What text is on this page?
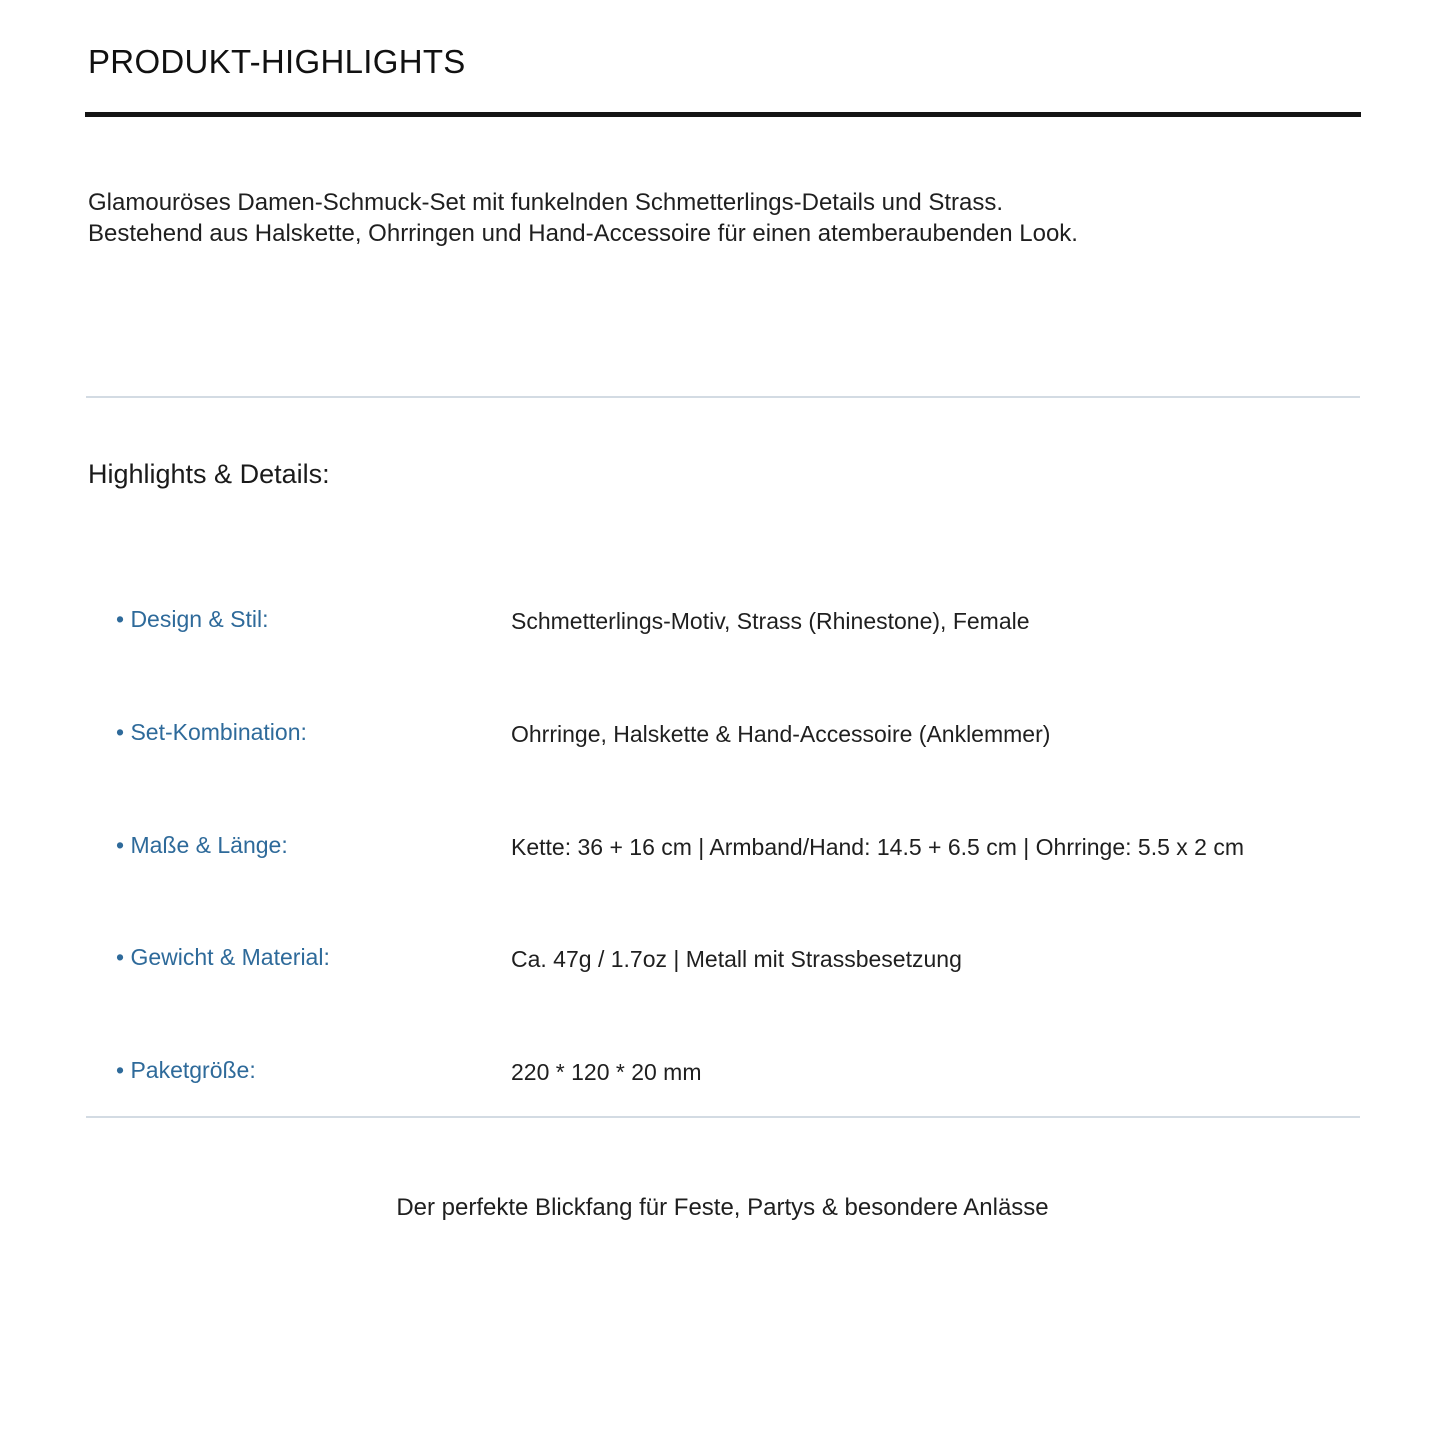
PRODUKT-HIGHLIGHTS

Glamouröses Damen-Schmuck-Set mit funkelnden Schmetterlings-Details und Strass.
Bestehend aus Halskette, Ohrringen und Hand-Accessoire für einen atemberaubenden Look.

Highlights & Details:
• Design & Stil:	Schmetterlings-Motiv, Strass (Rhinestone), Female
• Set-Kombination:	Ohrringe, Halskette & Hand-Accessoire (Anklemmer)
• Maße & Länge:	Kette: 36 + 16 cm | Armband/Hand: 14.5 + 6.5 cm | Ohrringe: 5.5 x 2 cm
• Gewicht & Material:	Ca. 47g / 1.7oz | Metall mit Strassbesetzung
• Paketgröße:	220 * 120 * 20 mm

Der perfekte Blickfang für Feste, Partys & besondere Anlässe
